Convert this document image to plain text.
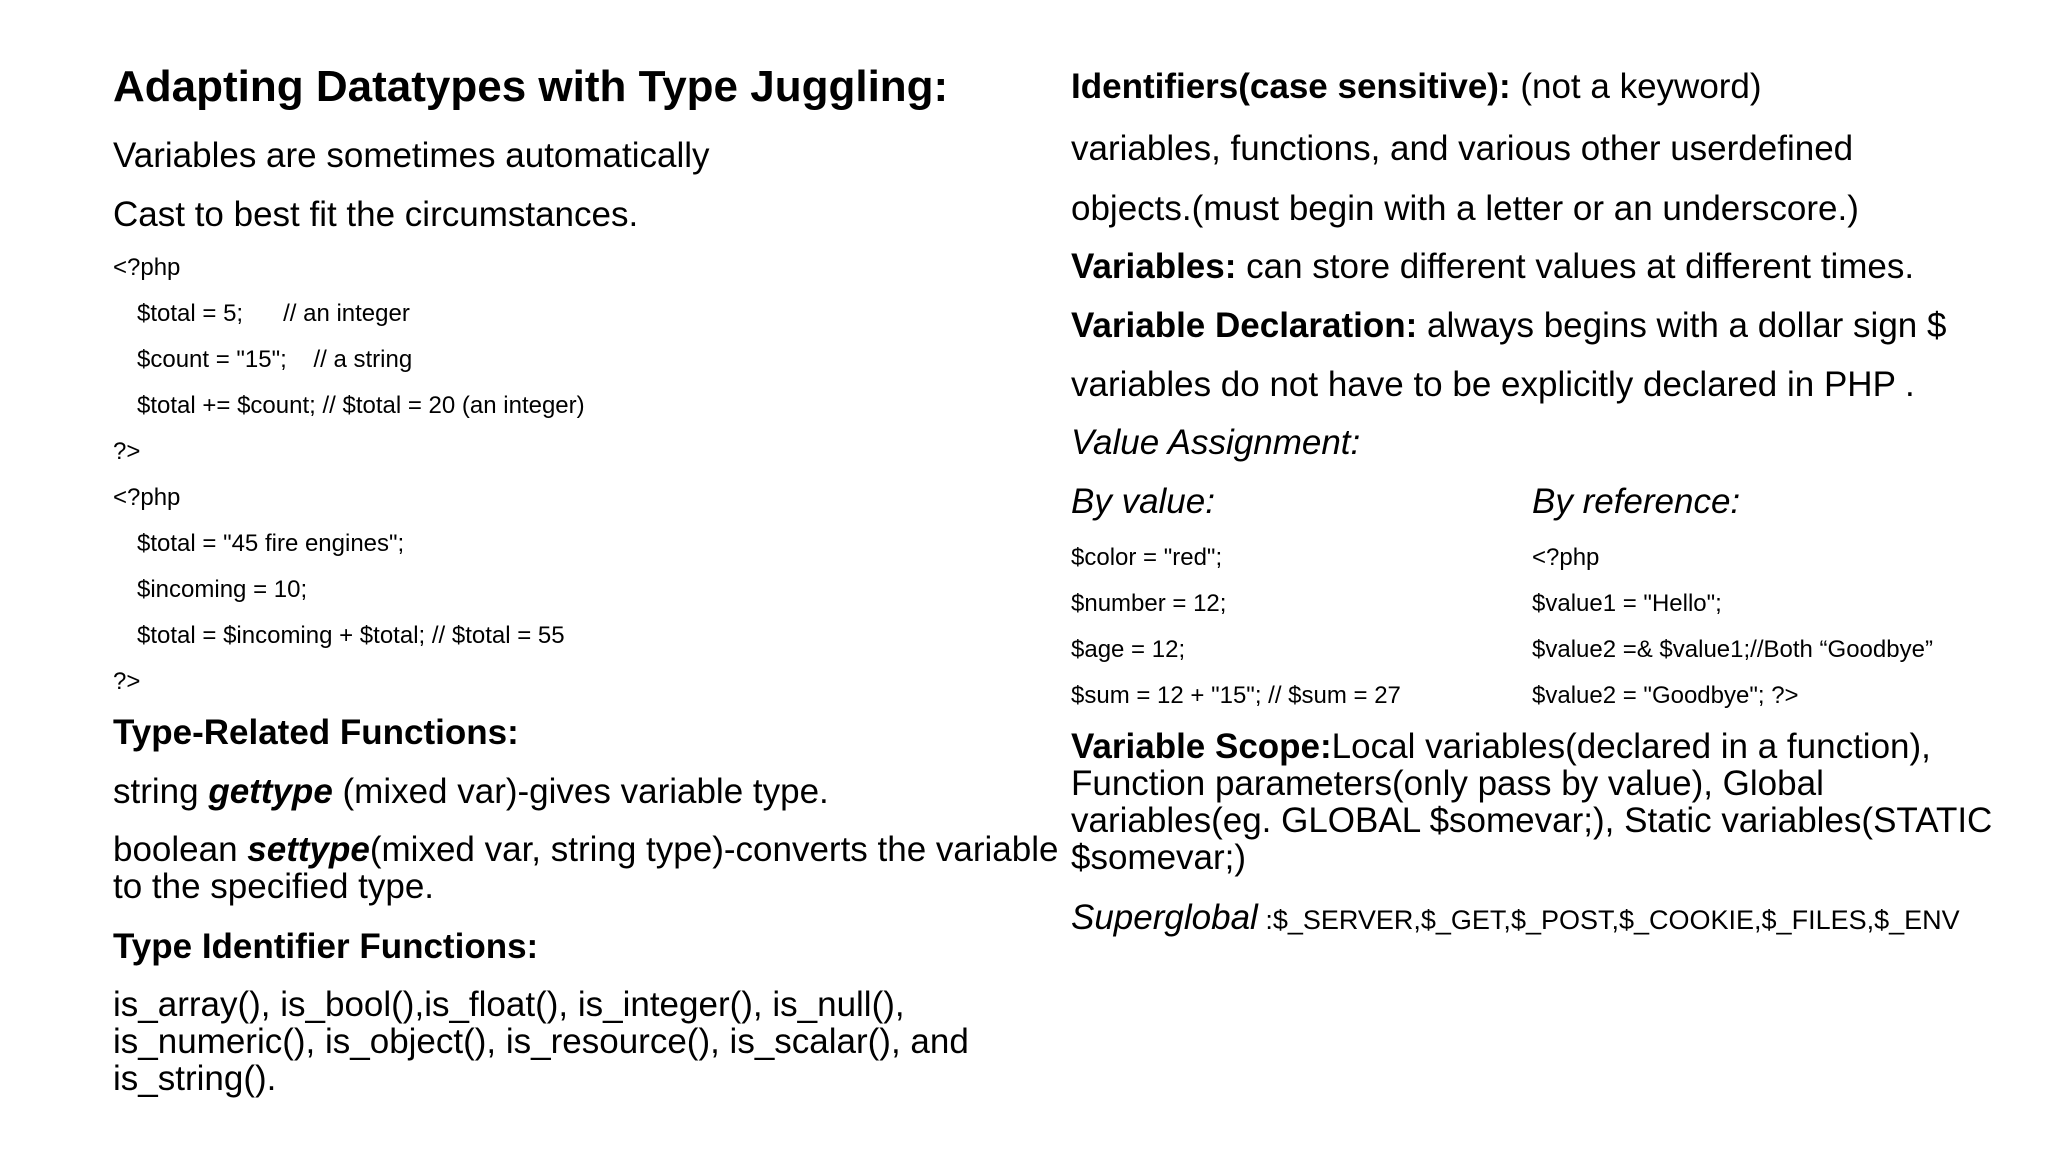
Adapting Datatypes with Type Juggling:
Variables are sometimes automatically
Cast to best fit the circumstances.
<?php
$total = 5;      // an integer
$count = "15";    // a string
$total += $count; // $total = 20 (an integer)
?>
<?php
$total = "45 fire engines";
$incoming = 10;
$total = $incoming + $total; // $total = 55
?>
Type-Related Functions:
string gettype (mixed var)-gives variable type.
boolean settype(mixed var, string type)-converts the variable to the specified type.
Type Identifier Functions:
is_array(), is_bool(),is_float(), is_integer(), is_null(), is_numeric(), is_object(), is_resource(), is_scalar(), and is_string().
Identifiers(case sensitive): (not a keyword)
variables, functions, and various other userdefined
objects.(must begin with a letter or an underscore.)
Variables: can store different values at different times.
Variable Declaration: always begins with a dollar sign $
variables do not have to be explicitly declared in PHP .
Value Assignment:
By value:	By reference:
$color = "red";
$number = 12;
$age = 12;
$sum = 12 + "15"; // $sum = 27
<?php
$value1 = "Hello";
$value2 =& $value1;//Both “Goodbye”
$value2 = "Goodbye"; ?>
Variable Scope:Local variables(declared in a function), Function parameters(only pass by value), Global variables(eg. GLOBAL $somevar;), Static variables(STATIC $somevar;)
Superglobal :$_SERVER,$_GET,$_POST,$_COOKIE,$_FILES,$_ENV
